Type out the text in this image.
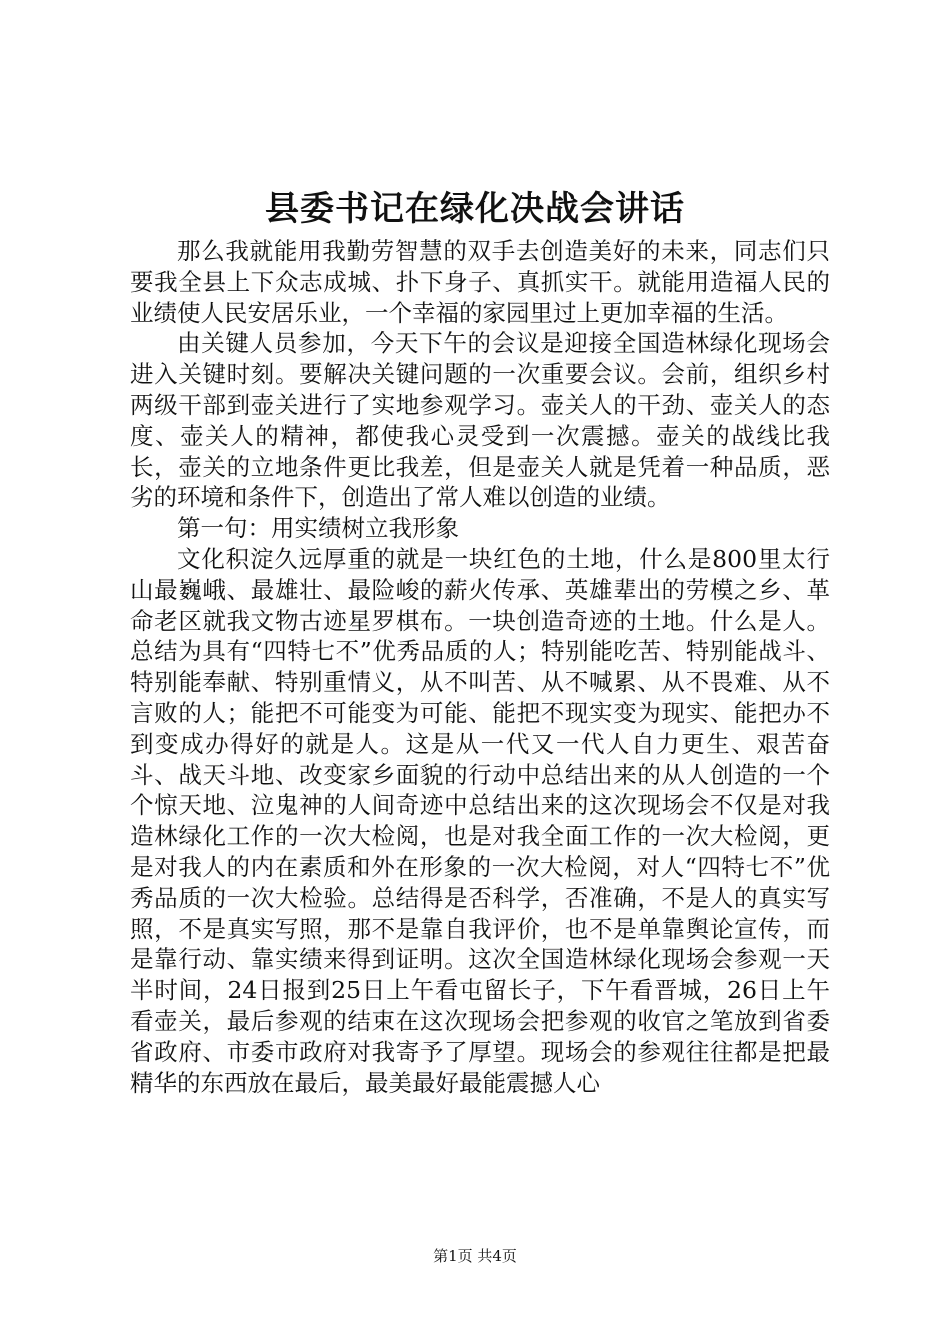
县委书记在绿化决战会讲话

那么我就能用我勤劳智慧的双手去创造美好的未来，同志们只要我全县上下众志成城、扑下身子、真抓实干。就能用造福人民的业绩使人民安居乐业，一个幸福的家园里过上更加幸福的生活。

由关键人员参加，今天下午的会议是迎接全国造林绿化现场会进入关键时刻。要解决关键问题的一次重要会议。会前，组织乡村两级干部到壶关进行了实地参观学习。壶关人的干劲、壶关人的态度、壶关人的精神，都使我心灵受到一次震撼。壶关的战线比我长，壶关的立地条件更比我差，但是壶关人就是凭着一种品质，恶劣的环境和条件下，创造出了常人难以创造的业绩。

第一句：用实绩树立我形象

文化积淀久远厚重的就是一块红色的土地，什么是800里太行山最巍峨、最雄壮、最险峻的薪火传承、英雄辈出的劳模之乡、革命老区就我文物古迹星罗棋布。一块创造奇迹的土地。什么是人。总结为具有“四特七不”优秀品质的人；特别能吃苦、特别能战斗、特别能奉献、特别重情义，从不叫苦、从不喊累、从不畏难、从不言败的人；能把不可能变为可能、能把不现实变为现实、能把办不到变成办得好的就是人。这是从一代又一代人自力更生、艰苦奋斗、战天斗地、改变家乡面貌的行动中总结出来的从人创造的一个个惊天地、泣鬼神的人间奇迹中总结出来的这次现场会不仅是对我造林绿化工作的一次大检阅，也是对我全面工作的一次大检阅，更是对我人的内在素质和外在形象的一次大检阅，对人“四特七不”优秀品质的一次大检验。总结得是否科学，否准确，不是人的真实写照，不是真实写照，那不是靠自我评价，也不是单靠舆论宣传，而是靠行动、靠实绩来得到证明。这次全国造林绿化现场会参观一天半时间，24日报到25日上午看屯留长子，下午看晋城，26日上午看壶关，最后参观的结束在这次现场会把参观的收官之笔放到省委省政府、市委市政府对我寄予了厚望。现场会的参观往往都是把最精华的东西放在最后，最美最好最能震撼人心

第1页 共4页
